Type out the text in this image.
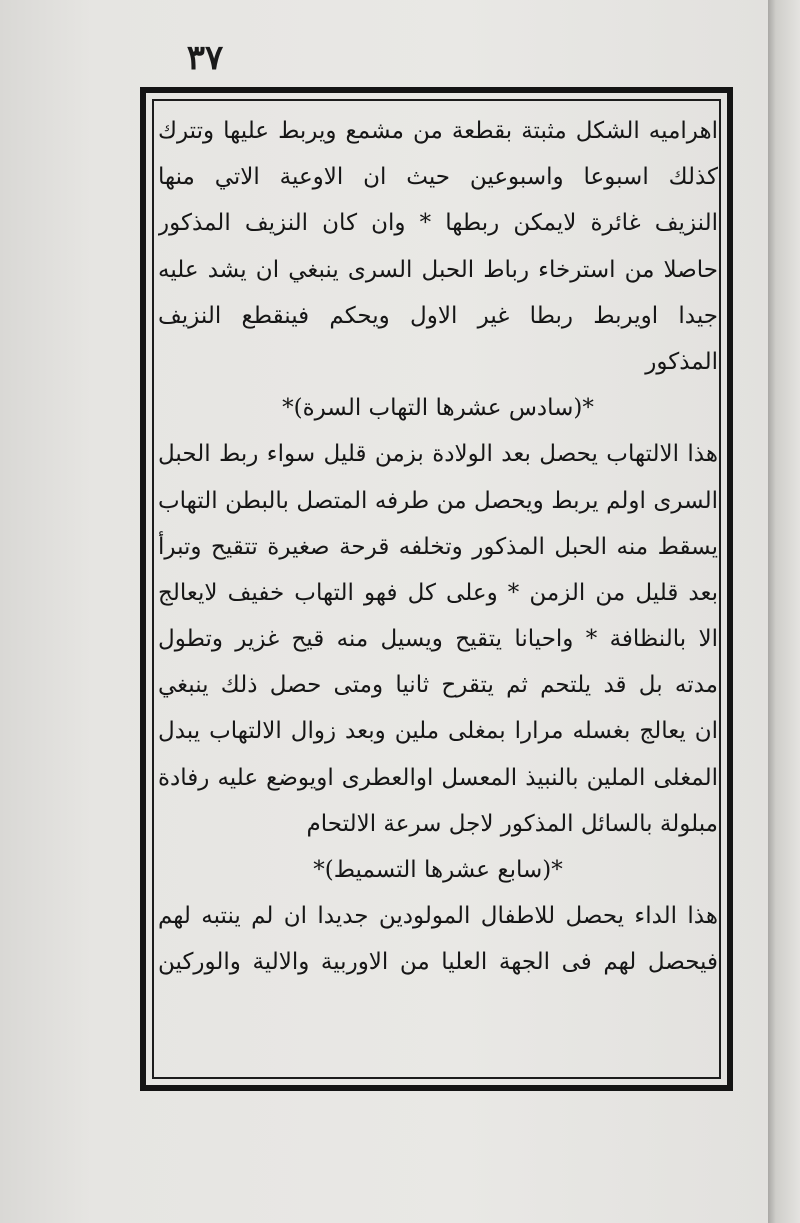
٣٧
اهراميه الشكل مثبتة بقطعة من مشمع ويربط عليها وتترك
كذلك اسبوعا واسبوعين حيث ان الاوعية الاتي منها
النزيف غائرة لايمكن ربطها * وان كان النزيف المذكور
حاصلا من استرخاء رباط الحبل السرى ينبغي ان يشد عليه
جيدا اويربط ربطا غير الاول ويحكم فينقطع النزيف
المذكور
*(سادس عشرها التهاب السرة)*
هذا الالتهاب يحصل بعد الولادة بزمن قليل سواء ربط الحبل
السرى اولم يربط ويحصل من طرفه المتصل بالبطن التهاب
يسقط منه الحبل المذكور وتخلفه قرحة صغيرة تتقيح وتبرأ
بعد قليل من الزمن * وعلى كل فهو التهاب خفيف لايعالج
الا بالنظافة * واحيانا يتقيح ويسيل منه قيح غزير وتطول
مدته بل قد يلتحم ثم يتقرح ثانيا ومتى حصل ذلك ينبغي
ان يعالج بغسله مرارا بمغلى ملين وبعد زوال الالتهاب يبدل
المغلى الملين بالنبيذ المعسل اوالعطرى اويوضع عليه رفادة
مبلولة بالسائل المذكور لاجل سرعة الالتحام
*(سابع عشرها التسميط)*
هذا الداء يحصل للاطفال المولودين جديدا ان لم ينتبه لهم
فيحصل لهم فى الجهة العليا من الاوربية والالية والوركين
